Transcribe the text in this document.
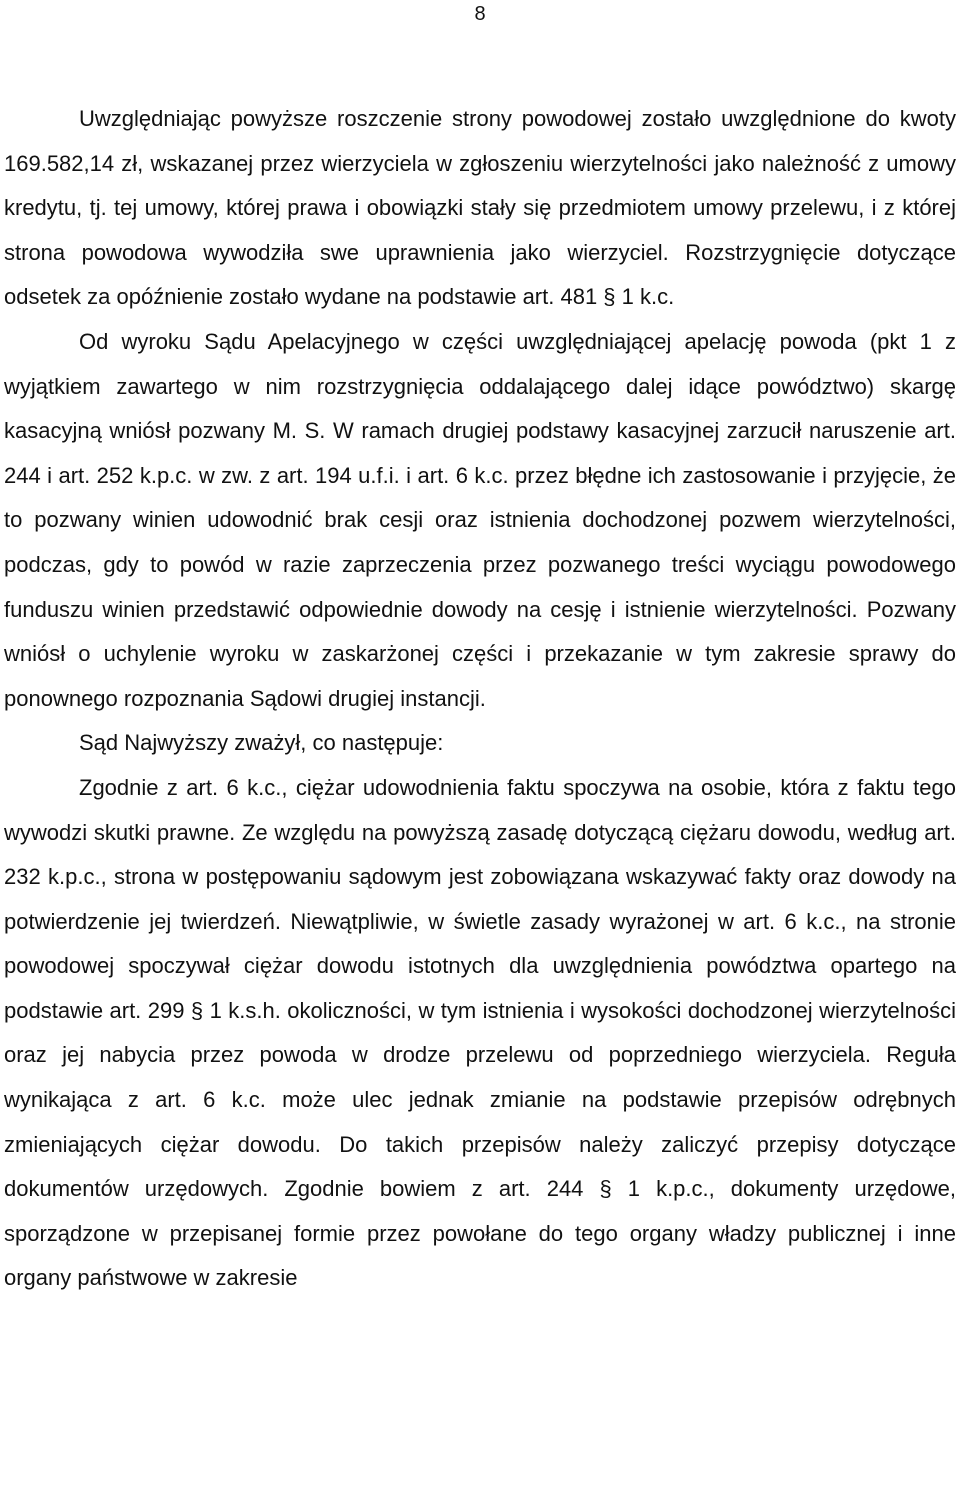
8

Uwzględniając powyższe roszczenie strony powodowej zostało uwzględnione do kwoty 169.582,14 zł, wskazanej przez wierzyciela w zgłoszeniu wierzytelności jako należność z umowy kredytu, tj. tej umowy, której prawa i obowiązki stały się przedmiotem umowy przelewu, i z której strona powodowa wywodziła swe uprawnienia jako wierzyciel. Rozstrzygnięcie dotyczące odsetek za opóźnienie zostało wydane na podstawie art. 481 § 1 k.c.

Od wyroku Sądu Apelacyjnego w części uwzględniającej apelację powoda (pkt 1 z wyjątkiem zawartego w nim rozstrzygnięcia oddalającego dalej idące powództwo) skargę kasacyjną wniósł pozwany M. S. W ramach drugiej podstawy kasacyjnej zarzucił naruszenie art. 244 i art. 252 k.p.c. w zw. z art. 194 u.f.i. i art. 6 k.c. przez błędne ich zastosowanie i przyjęcie, że to pozwany winien udowodnić brak cesji oraz istnienia dochodzonej pozwem wierzytelności, podczas, gdy to powód w razie zaprzeczenia przez pozwanego treści wyciągu powodowego funduszu winien przedstawić odpowiednie dowody na cesję i istnienie wierzytelności. Pozwany wniósł o uchylenie wyroku w zaskarżonej części i przekazanie w tym zakresie sprawy do ponownego rozpoznania Sądowi drugiej instancji.

Sąd Najwyższy zważył, co następuje:

Zgodnie z art. 6 k.c., ciężar udowodnienia faktu spoczywa na osobie, która z faktu tego wywodzi skutki prawne. Ze względu na powyższą zasadę dotyczącą ciężaru dowodu, według art. 232 k.p.c., strona w postępowaniu sądowym jest zobowiązana wskazywać fakty oraz dowody na potwierdzenie jej twierdzeń. Niewątpliwie, w świetle zasady wyrażonej w art. 6 k.c., na stronie powodowej spoczywał ciężar dowodu istotnych dla uwzględnienia powództwa opartego na podstawie art. 299 § 1 k.s.h. okoliczności, w tym istnienia i wysokości dochodzonej wierzytelności oraz jej nabycia przez powoda w drodze przelewu od poprzedniego wierzyciela. Reguła wynikająca z art. 6 k.c. może ulec jednak zmianie na podstawie przepisów odrębnych zmieniających ciężar dowodu. Do takich przepisów należy zaliczyć przepisy dotyczące dokumentów urzędowych. Zgodnie bowiem z art. 244 § 1 k.p.c., dokumenty urzędowe, sporządzone w przepisanej formie przez powołane do tego organy władzy publicznej i inne organy państwowe w zakresie
